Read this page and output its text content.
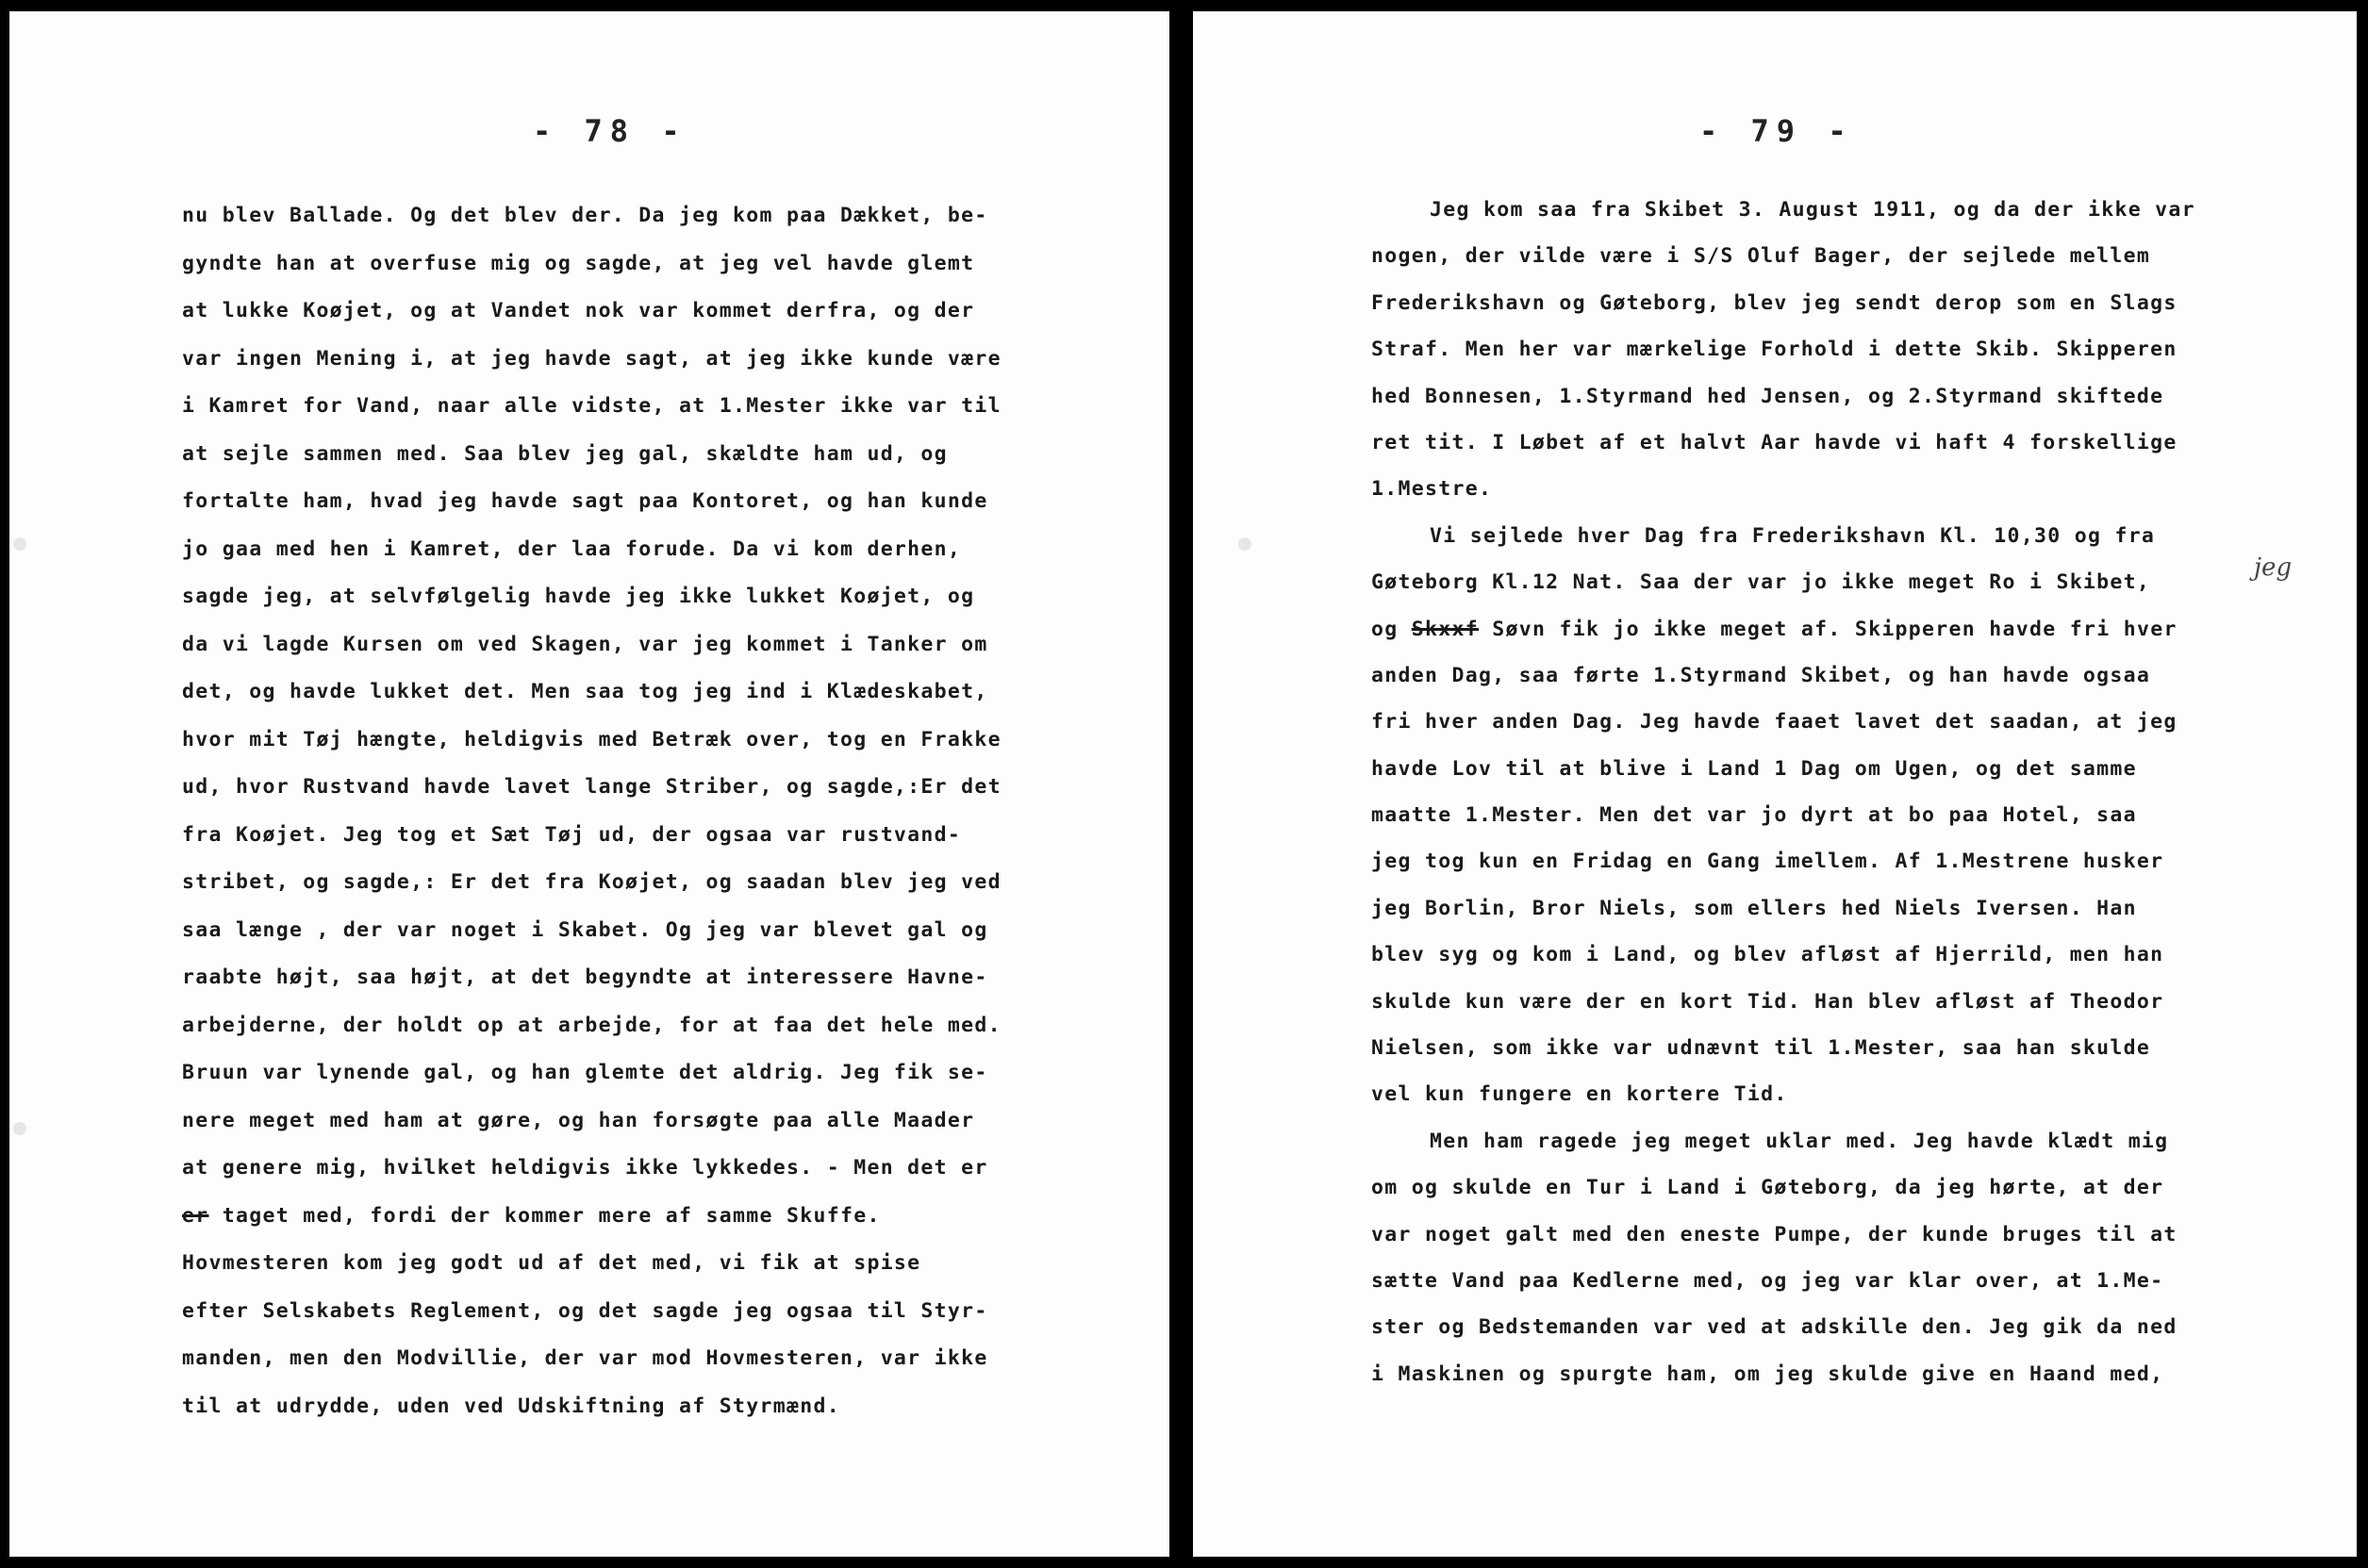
- 78 -
nu blev Ballade. Og det blev der. Da jeg kom paa Dækket, be-
gyndte han at overfuse mig og sagde, at jeg vel havde glemt
at lukke Koøjet, og at Vandet nok var kommet derfra, og der
var ingen Mening i, at jeg havde sagt, at jeg ikke kunde være
i Kamret for Vand, naar alle vidste, at 1.Mester ikke var til
at sejle sammen med. Saa blev jeg gal, skældte ham ud, og
fortalte ham, hvad jeg havde sagt paa Kontoret, og han kunde
jo gaa med hen i Kamret, der laa forude. Da vi kom derhen,
sagde jeg, at selvfølgelig havde jeg ikke lukket Koøjet, og
da vi lagde Kursen om ved Skagen, var jeg kommet i Tanker om
det, og havde lukket det. Men saa tog jeg ind i Klædeskabet,
hvor mit Tøj hængte, heldigvis med Betræk over, tog en Frakke
ud, hvor Rustvand havde lavet lange Striber, og sagde,:Er det
fra Koøjet. Jeg tog et Sæt Tøj ud, der ogsaa var rustvand-
stribet, og sagde,: Er det fra Koøjet, og saadan blev jeg ved
saa længe , der var noget i Skabet. Og jeg var blevet gal og
raabte højt, saa højt, at det begyndte at interessere Havne-
arbejderne, der holdt op at arbejde, for at faa det hele med.
Bruun var lynende gal, og han glemte det aldrig. Jeg fik se-
nere meget med ham at gøre, og han forsøgte paa alle Maader
at genere mig, hvilket heldigvis ikke lykkedes. - Men det er
er taget med, fordi der kommer mere af samme Skuffe.
Hovmesteren kom jeg godt ud af det med, vi fik at spise
efter Selskabets Reglement, og det sagde jeg ogsaa til Styr-
manden, men den Modvillie, der var mod Hovmesteren, var ikke
til at udrydde, uden ved Udskiftning af Styrmænd.
- 79 -
Jeg kom saa fra Skibet 3. August 1911, og da der ikke var
nogen, der vilde være i S/S Oluf Bager, der sejlede mellem
Frederikshavn og Gøteborg, blev jeg sendt derop som en Slags
Straf. Men her var mærkelige Forhold i dette Skib. Skipperen
hed Bonnesen, 1.Styrmand hed Jensen, og 2.Styrmand skiftede
ret tit. I Løbet af et halvt Aar havde vi haft 4 forskellige
1.Mestre.
Vi sejlede hver Dag fra Frederikshavn Kl. 10,30 og fra
Gøteborg Kl.12 Nat. Saa der var jo ikke meget Ro i Skibet,
og Skxxf Søvn fik jo ikke meget af. Skipperen havde fri hver
anden Dag, saa førte 1.Styrmand Skibet, og han havde ogsaa
fri hver anden Dag. Jeg havde faaet lavet det saadan, at jeg
havde Lov til at blive i Land 1 Dag om Ugen, og det samme
maatte 1.Mester. Men det var jo dyrt at bo paa Hotel, saa
jeg tog kun en Fridag en Gang imellem. Af 1.Mestrene husker
jeg Borlin, Bror Niels, som ellers hed Niels Iversen. Han
blev syg og kom i Land, og blev afløst af Hjerrild, men han
skulde kun være der en kort Tid. Han blev afløst af Theodor
Nielsen, som ikke var udnævnt til 1.Mester, saa han skulde
vel kun fungere en kortere Tid.
Men ham ragede jeg meget uklar med. Jeg havde klædt mig
om og skulde en Tur i Land i Gøteborg, da jeg hørte, at der
var noget galt med den eneste Pumpe, der kunde bruges til at
sætte Vand paa Kedlerne med, og jeg var klar over, at 1.Me-
ster og Bedstemanden var ved at adskille den. Jeg gik da ned
i Maskinen og spurgte ham, om jeg skulde give en Haand med,
jeg
